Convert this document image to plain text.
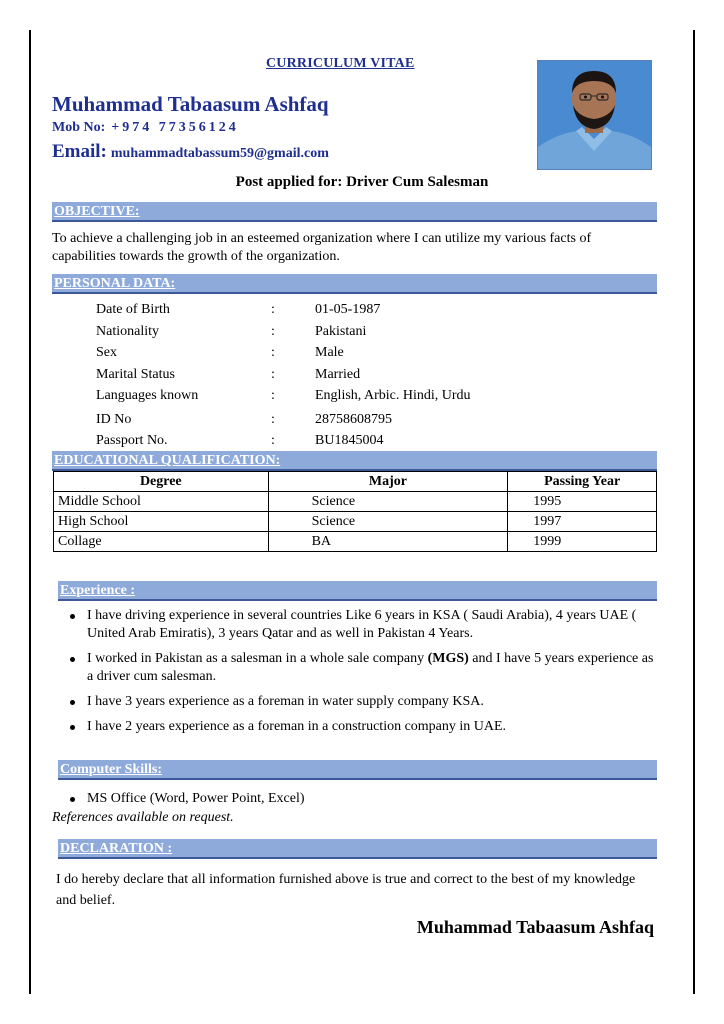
CURRICULUM VITAE
Muhammad Tabaasum Ashfaq
Mob No: +974 77356124
Email: muhammadtabassum59@gmail.com
Post applied for: Driver Cum Salesman
OBJECTIVE:
To achieve a challenging job in an esteemed organization where I can utilize my various facts of capabilities towards the growth of the organization.
PERSONAL DATA:
Date of Birth	:	01-05-1987
Nationality	:	Pakistani
Sex	:	Male
Marital Status	:	Married
Languages known	:	English, Arbic. Hindi, Urdu
ID No	:	28758608795
Passport No.	:	BU1845004
EDUCATIONAL QUALIFICATION:
Degree	Major	Passing Year
Middle School	Science	1995
High School	Science	1997
Collage	BA	1999
Experience :
I have driving experience in several countries Like 6 years in KSA ( Saudi Arabia), 4 years UAE ( United Arab Emiratis), 3 years Qatar and as well in Pakistan 4 Years.
I worked in Pakistan as a salesman in a whole sale company (MGS) and I have 5 years experience as a driver cum salesman.
I have 3 years experience as a foreman in water supply company KSA.
I have 2 years experience as a foreman in a construction company in UAE.
Computer Skills:
MS Office (Word, Power Point, Excel)
References available on request.
DECLARATION :
I do hereby declare that all information furnished above is true and correct to the best of my knowledge and belief.
Muhammad Tabaasum Ashfaq
